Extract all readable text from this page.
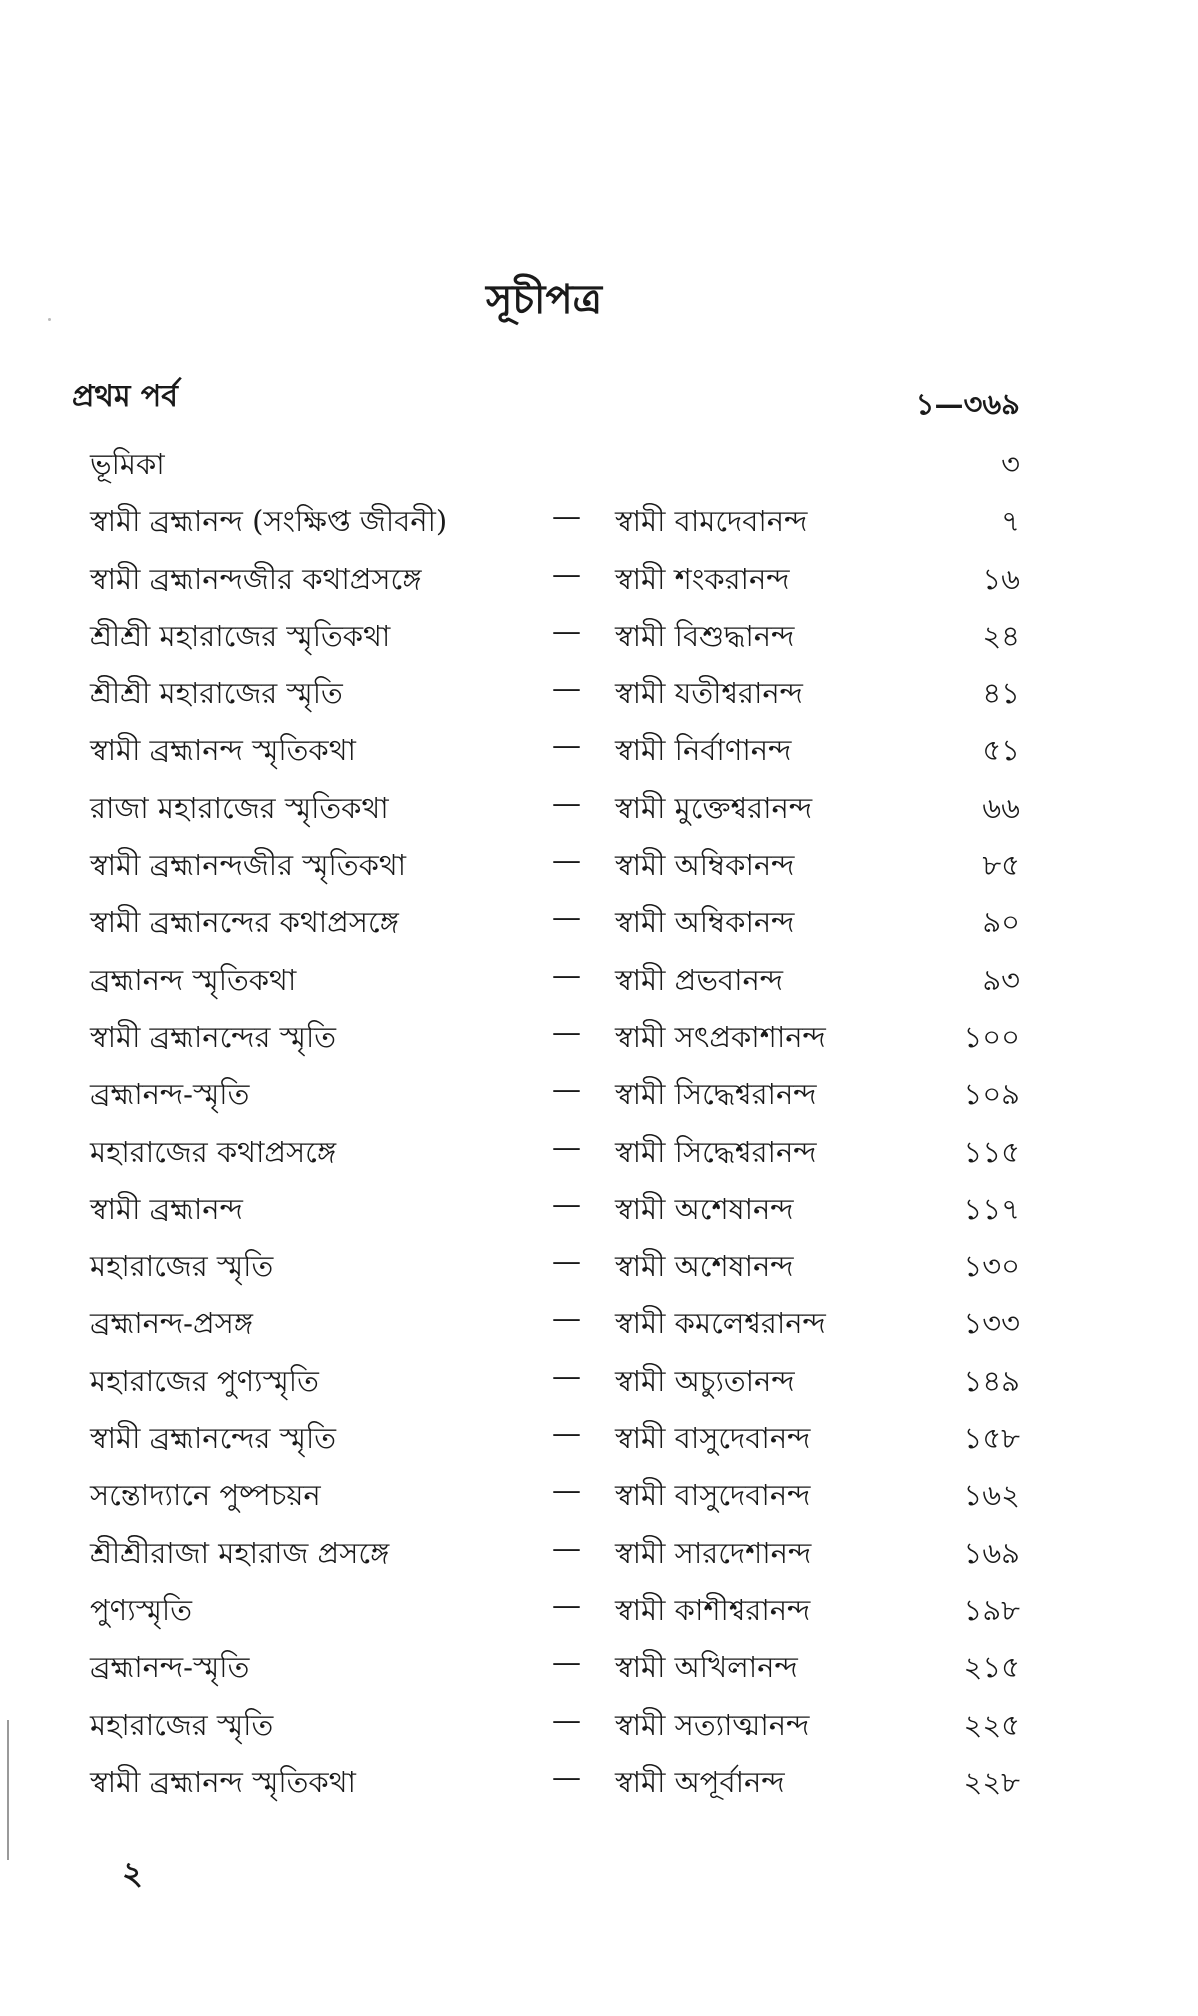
সূচীপত্র
প্রথম পর্ব	১—৩৬৯
ভূমিকা	৩
স্বামী ব্রহ্মানন্দ (সংক্ষিপ্ত জীবনী)	— স্বামী বামদেবানন্দ	৭
স্বামী ব্রহ্মানন্দজীর কথাপ্রসঙ্গে	— স্বামী শংকরানন্দ	১৬
শ্রীশ্রী মহারাজের স্মৃতিকথা	— স্বামী বিশুদ্ধানন্দ	২৪
শ্রীশ্রী মহারাজের স্মৃতি	— স্বামী যতীশ্বরানন্দ	৪১
স্বামী ব্রহ্মানন্দ স্মৃতিকথা	— স্বামী নির্বাণানন্দ	৫১
রাজা মহারাজের স্মৃতিকথা	— স্বামী মুক্তেশ্বরানন্দ	৬৬
স্বামী ব্রহ্মানন্দজীর স্মৃতিকথা	— স্বামী অম্বিকানন্দ	৮৫
স্বামী ব্রহ্মানন্দের কথাপ্রসঙ্গে	— স্বামী অম্বিকানন্দ	৯০
ব্রহ্মানন্দ স্মৃতিকথা	— স্বামী প্রভবানন্দ	৯৩
স্বামী ব্রহ্মানন্দের স্মৃতি	— স্বামী সৎপ্রকাশানন্দ	১০০
ব্রহ্মানন্দ-স্মৃতি	— স্বামী সিদ্ধেশ্বরানন্দ	১০৯
মহারাজের কথাপ্রসঙ্গে	— স্বামী সিদ্ধেশ্বরানন্দ	১১৫
স্বামী ব্রহ্মানন্দ	— স্বামী অশেষানন্দ	১১৭
মহারাজের স্মৃতি	— স্বামী অশেষানন্দ	১৩০
ব্রহ্মানন্দ-প্রসঙ্গ	— স্বামী কমলেশ্বরানন্দ	১৩৩
মহারাজের পুণ্যস্মৃতি	— স্বামী অচ্যুতানন্দ	১৪৯
স্বামী ব্রহ্মানন্দের স্মৃতি	— স্বামী বাসুদেবানন্দ	১৫৮
সন্তোদ্যানে পুষ্পচয়ন	— স্বামী বাসুদেবানন্দ	১৬২
শ্রীশ্রীরাজা মহারাজ প্রসঙ্গে	— স্বামী সারদেশানন্দ	১৬৯
পুণ্যস্মৃতি	— স্বামী কাশীশ্বরানন্দ	১৯৮
ব্রহ্মানন্দ-স্মৃতি	— স্বামী অখিলানন্দ	২১৫
মহারাজের স্মৃতি	— স্বামী সত্যাত্মানন্দ	২২৫
স্বামী ব্রহ্মানন্দ স্মৃতিকথা	— স্বামী অপূর্বানন্দ	২২৮
২
